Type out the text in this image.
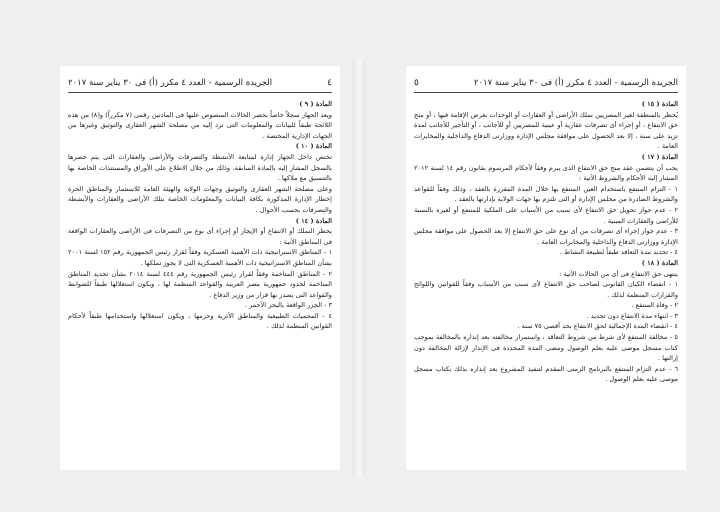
٤
الجريدة الرسمية - العدد ٤ مكرر (أ) فى ٣٠ يناير سنة ٢٠١٧

المادة ( ٩ )

ويعد الجهاز سجلاً خاصاً بحصر الحالات المنصوص عليها فى المادتين رقمى (٧ مكرراً) و(٨) من هذه اللائحة طبقاً للبيانات والمعلومات التى ترد إليه من مصلحة الشهر العقارى والتوثيق وغيرها من الجهات الإدارية المختصة .

المادة ( ١٠ )

تختص داخل الجهاز إدارة لمتابعة الأنشطة والتصرفات والأراضى والعقارات التى يتم حصرها بالسجل المشار إليه بالمادة السابقة، وذلك من خلال الاطلاع على الأوراق والمستندات الخاصة بها بالتنسيق مع ملاكها .

وعلى مصلحة الشهر العقارى والتوثيق وجهات الولاية والهيئة العامة للاستثمار والمناطق الحرة إخطار الإدارة المذكورة بكافة البيانات والمعلومات الخاصة بتلك الأراضى والعقارات والأنشطة والتصرفات بحسب الأحوال .

المادة ( ١٤ )

يحظر التملك أو الانتفاع أو الإيجار أو إجراء أى نوع من التصرفات فى الأراضى والعقارات الواقعة فى المناطق الآتية :

١ - المناطق الاستراتيجية ذات الأهمية العسكرية وفقاً لقرار رئيس الجمهورية رقم ١٥٢ لسنة ٢٠٠١ بشأن المناطق الاستراتيجية ذات الأهمية العسكرية التى لا يجوز تملكها .

٢ - المناطق المتاخمة وفقاً لقرار رئيس الجمهورية رقم ٤٤٤ لسنة ٢٠١٤ بشأن تحديد المناطق المتاخمة لحدود جمهورية مصر العربية والقواعد المنظمة لها ، ويكون استغلالها طبقاً للضوابط والقواعد التى يصدر بها قرار من وزير الدفاع .

٣ - الجزر الواقعة بالبحر الأحمر .

٤ - المحميات الطبيعية والمناطق الأثرية وحرمها ، ويكون استغلالها واستخدامها طبقاً لأحكام القوانين المنظمة لذلك .

الجريدة الرسمية - العدد ٤ مكرر (أ) فى ٣٠ يناير سنة ٢٠١٧
٥

المادة ( ١٥ )

يُحظر بالمنطقة لغير المصريين تملك الأراضى أو العقارات أو الوحدات بغرض الإقامة فيها ، أو منح حق الانتفاع ، أو إجراء أى تصرفات عقارية أو عينية للمصريين أو للأجانب ، أو التأجير للأجانب لمدة تزيد على سنة ، إلا بعد الحصول على موافقة مجلس الإدارة ووزارتى الدفاع والداخلية والمخابرات العامة .

المادة ( ١٧ )

يجب أن يتضمن عقد منح حق الانتفاع الذى يبرم وفقاً لأحكام المرسوم بقانون رقم ١٤ لسنة ٢٠١٢ المشار إليه الأحكام والشروط الآتية :

١ - التزام المنتفع باستخدام العين المنتفع بها خلال المدة المقررة بالعقد ، وذلك وفقاً للقواعد والشروط الصادرة من مجلس الإدارة أو التى تلتزم بها جهات الولاية بإدارتها بالعقد .

٢ - عدم جواز تحويل حق الانتفاع لأى سبب من الأسباب على الملكية للمنتفع أو لغيره بالنسبة للأراضى والعقارات المبنية .

٣ - عدم جواز إجراء أى تصرفات من أى نوع على حق الانتفاع إلا بعد الحصول على موافقة مجلس الإدارة ووزارتى الدفاع والداخلية والمخابرات العامة .

٤ - تحديد مدة التعاقد طبقاً لطبيعة النشاط .

المادة ( ١٨ )

ينتهى حق الانتفاع فى أى من الحالات الآتية :

١ - انقضاء الكيان القانونى لصاحب حق الانتفاع لأى سبب من الأسباب وفقاً للقوانين واللوائح والقرارات المنظمة لذلك .

٢ - وفاة المنتفع .

٣ - انتهاء مدة الانتفاع دون تجديد .

٤ - انقضاء المدة الإجمالية لحق الانتفاع بحد أقصى ٧٥ سنة .

٥ - مخالفة المنتفع لأى شرط من شروط التعاقد ، واستمرار مخالفته بعد إنذاره بالمخالفة بموجب كتاب مسجل موصى عليه بعلم الوصول ومضى المدة المحددة فى الإنذار لإزالة المخالفة دون إزالتها .

٦ - عدم التزام المنتفع بالبرنامج الزمنى المقدم لتنفيذ المشروع بعد إنذاره بذلك بكتاب مسجل موصى عليه بعلم الوصول .
